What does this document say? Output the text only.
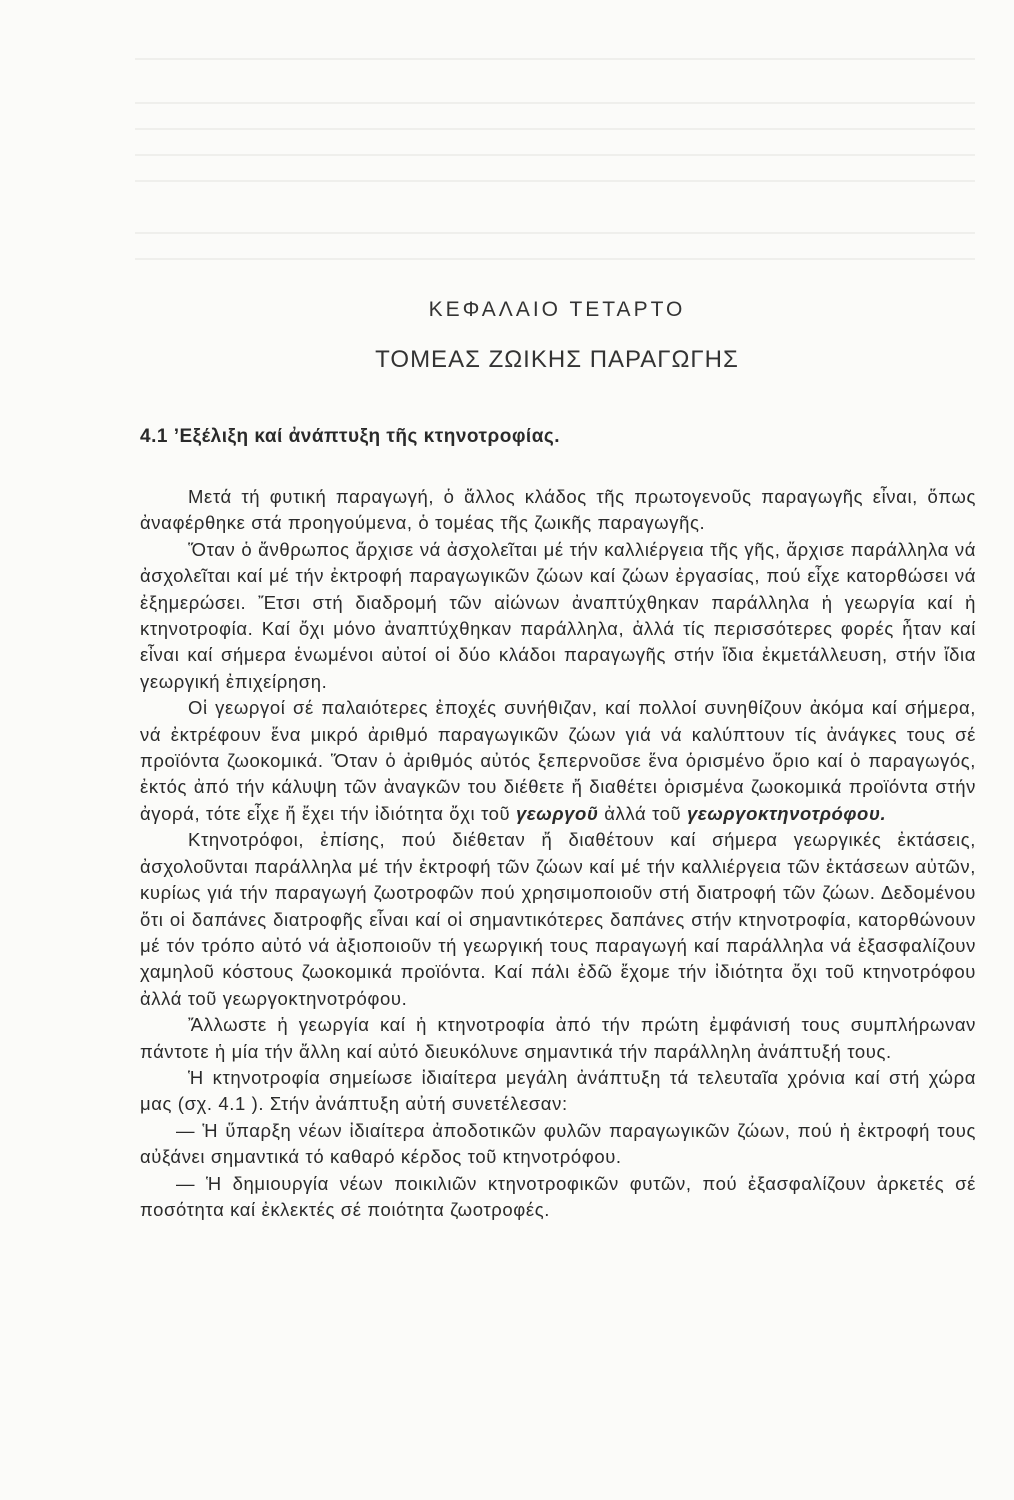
ΚΕΦΑΛΑΙΟ ΤΕΤΑΡΤΟ
ΤΟΜΕΑΣ ΖΩΙΚΗΣ ΠΑΡΑΓΩΓΗΣ
4.1 ’Εξέλιξη καί ἀνάπτυξη τῆς κτηνοτροφίας.

Μετά τή φυτική παραγωγή, ὁ ἄλλος κλάδος τῆς πρωτογενοῦς παραγωγῆς εἶναι, ὅπως ἀναφέρθηκε στά προηγούμενα, ὁ τομέας τῆς ζωικῆς παραγωγῆς.

Ὅταν ὁ ἄνθρωπος ἄρχισε νά ἀσχολεῖται μέ τήν καλλιέργεια τῆς γῆς, ἄρχισε παράλληλα νά ἀσχολεῖται καί μέ τήν ἐκτροφή παραγωγικῶν ζώων καί ζώων ἐργασίας, πού εἶχε κατορθώσει νά ἐξημερώσει. Ἔτσι στή διαδρομή τῶν αἰώνων ἀναπτύχθηκαν παράλληλα ἡ γεωργία καί ἡ κτηνοτροφία. Καί ὄχι μόνο ἀναπτύχθηκαν παράλληλα, ἀλλά τίς περισσότερες φορές ἦταν καί εἶναι καί σήμερα ἑνωμένοι αὐτοί οἱ δύο κλάδοι παραγωγῆς στήν ἴδια ἐκμετάλλευση, στήν ἴδια γεωργική ἐπιχείρηση.

Οἱ γεωργοί σέ παλαιότερες ἐποχές συνήθιζαν, καί πολλοί συνηθίζουν ἀκόμα καί σήμερα, νά ἐκτρέφουν ἕνα μικρό ἀριθμό παραγωγικῶν ζώων γιά νά καλύπτουν τίς ἀνάγκες τους σέ προϊόντα ζωοκομικά. Ὅταν ὁ ἀριθμός αὐτός ξεπερνοῦσε ἕνα ὁρισμένο ὅριο καί ὁ παραγωγός, ἐκτός ἀπό τήν κάλυψη τῶν ἀναγκῶν του διέθετε ἤ διαθέτει ὁρισμένα ζωοκομικά προϊόντα στήν ἀγορά, τότε εἶχε ἤ ἔχει τήν ἰδιότητα ὄχι τοῦ γεωργοῦ ἀλλά τοῦ γεωργοκτηνοτρόφου.

Κτηνοτρόφοι, ἐπίσης, πού διέθεταν ἤ διαθέτουν καί σήμερα γεωργικές ἐκτάσεις, ἀσχολοῦνται παράλληλα μέ τήν ἐκτροφή τῶν ζώων καί μέ τήν καλλιέργεια τῶν ἐκτάσεων αὐτῶν, κυρίως γιά τήν παραγωγή ζωοτροφῶν πού χρησιμοποιοῦν στή διατροφή τῶν ζώων. Δεδομένου ὅτι οἱ δαπάνες διατροφῆς εἶναι καί οἱ σημαντικότερες δαπάνες στήν κτηνοτροφία, κατορθώνουν μέ τόν τρόπο αὐτό νά ἀξιοποιοῦν τή γεωργική τους παραγωγή καί παράλληλα νά ἐξασφαλίζουν χαμηλοῦ κόστους ζωοκομικά προϊόντα. Καί πάλι ἐδῶ ἔχομε τήν ἰδιότητα ὄχι τοῦ κτηνοτρόφου ἀλλά τοῦ γεωργοκτηνοτρόφου.

Ἄλλωστε ἡ γεωργία καί ἡ κτηνοτροφία ἀπό τήν πρώτη ἐμφάνισή τους συμπλήρωναν πάντοτε ἡ μία τήν ἄλλη καί αὐτό διευκόλυνε σημαντικά τήν παράλληλη ἀνάπτυξή τους.

Ἡ κτηνοτροφία σημείωσε ἰδιαίτερα μεγάλη ἀνάπτυξη τά τελευταῖα χρόνια καί στή χώρα μας (σχ. 4.1 ). Στήν ἀνάπτυξη αὐτή συνετέλεσαν:

— Ἡ ὕπαρξη νέων ἰδιαίτερα ἀποδοτικῶν φυλῶν παραγωγικῶν ζώων, πού ἡ ἐκτροφή τους αὐξάνει σημαντικά τό καθαρό κέρδος τοῦ κτηνοτρόφου.

— Ἡ δημιουργία νέων ποικιλιῶν κτηνοτροφικῶν φυτῶν, πού ἐξασφαλίζουν ἀρκετές σέ ποσότητα καί ἐκλεκτές σέ ποιότητα ζωοτροφές.
